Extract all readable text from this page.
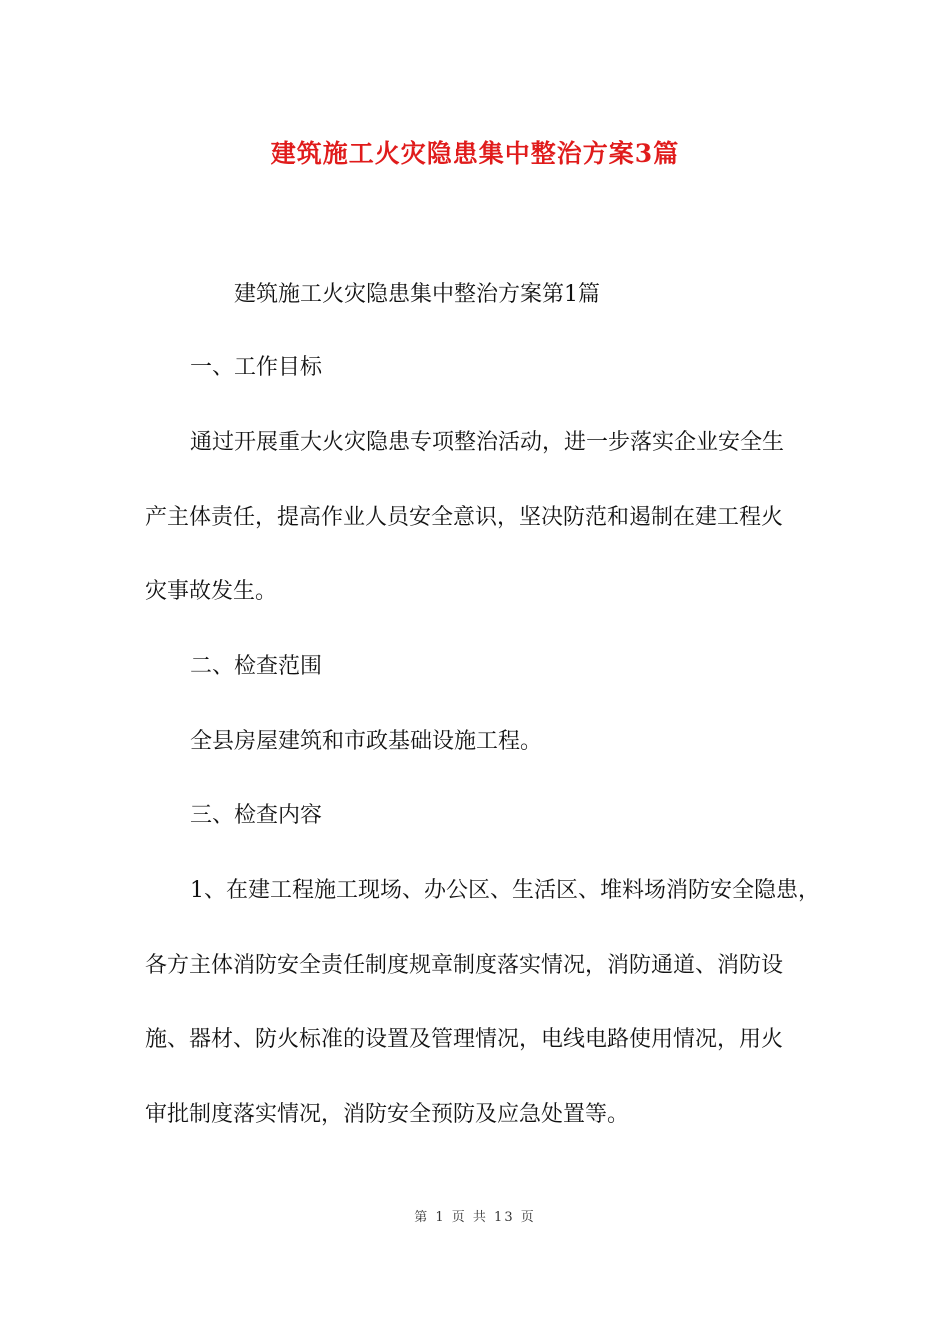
建筑施工火灾隐患集中整治方案3篇
建筑施工火灾隐患集中整治方案第1篇
一、工作目标
通过开展重大火灾隐患专项整治活动，进一步落实企业安全生
产主体责任，提高作业人员安全意识，坚决防范和遏制在建工程火
灾事故发生。
二、检查范围
全县房屋建筑和市政基础设施工程。
三、检查内容
1、在建工程施工现场、办公区、生活区、堆料场消防安全隐患，
各方主体消防安全责任制度规章制度落实情况，消防通道、消防设
施、器材、防火标准的设置及管理情况，电线电路使用情况，用火
审批制度落实情况，消防安全预防及应急处置等。
第 1 页 共 13 页
